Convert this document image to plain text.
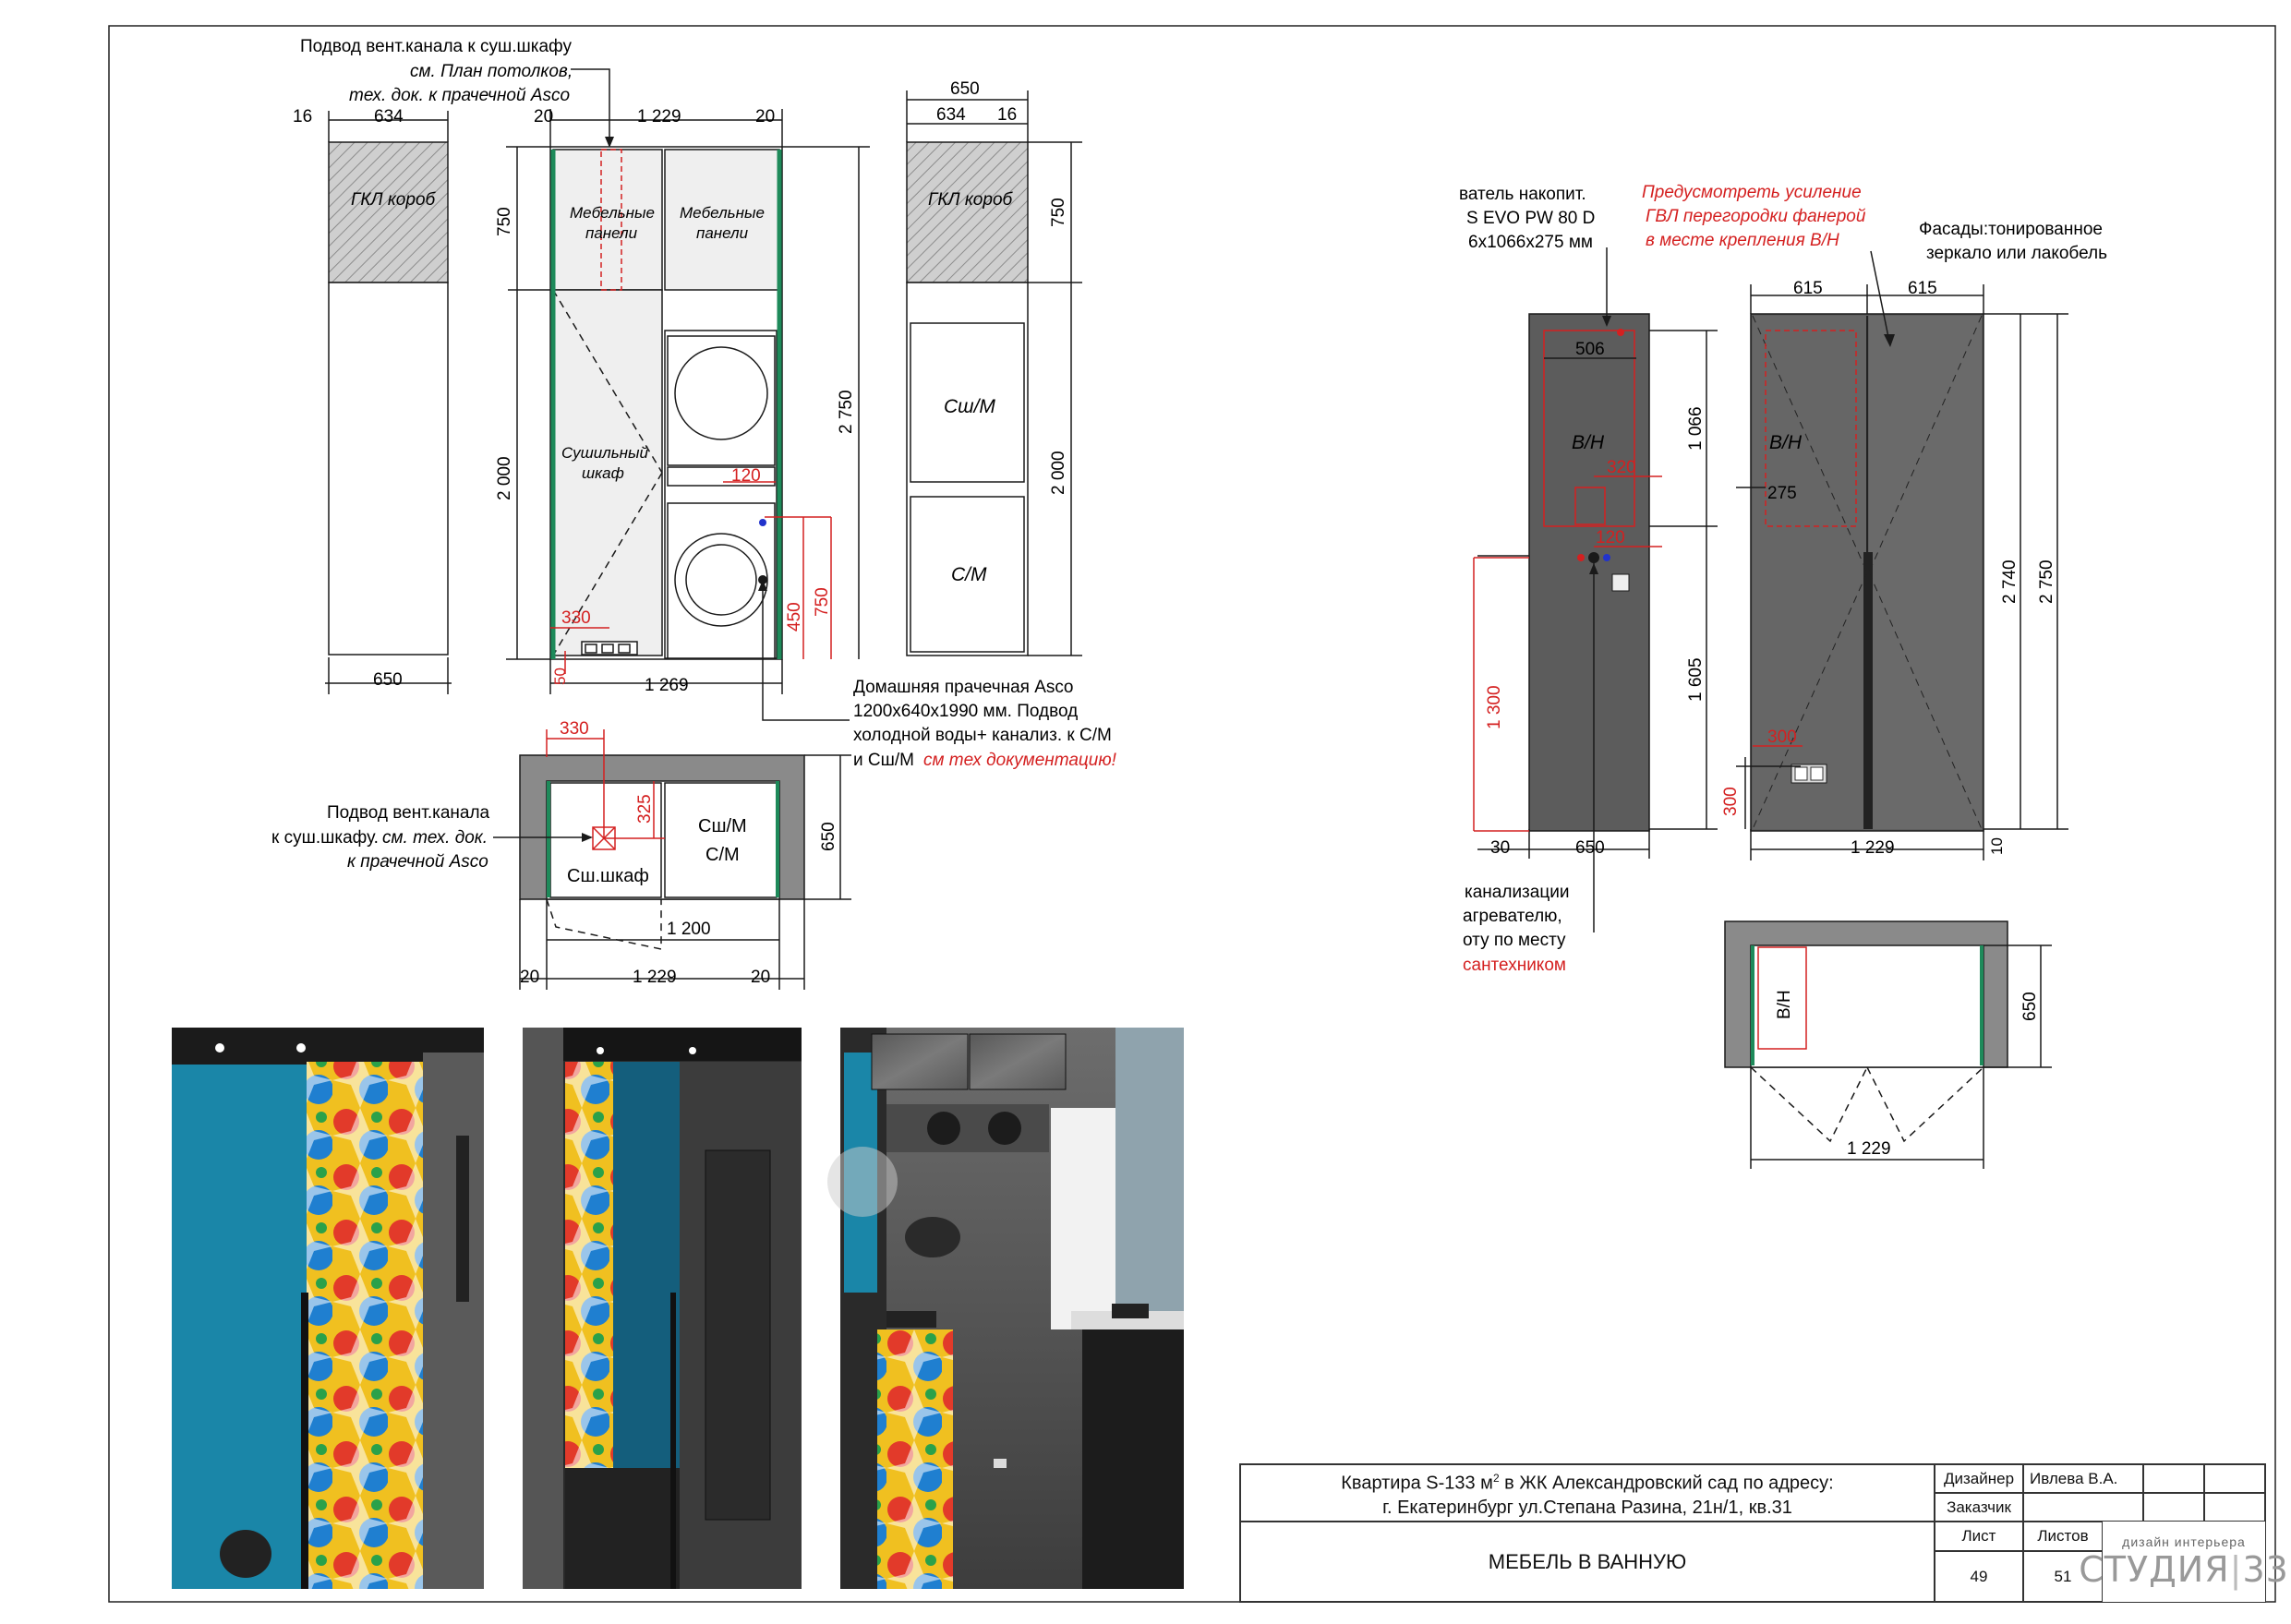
16	634
ГКЛ короб
650
Подвод вент.канала к суш.шкафу
см. План потолков,
тех. док. к прачечной Asco
20	1 229	20
Мебельные
панели
Мебельные
панели
Сушильный
шкаф
750
2 000
2 750
120
330
50
450
750
1 269
650
634 16
ГКЛ короб 750
2 000
Сш/М
С/М
Домашняя прачечная Asco
1200х640х1990 мм. Подвод
холодной воды+ канализ. к С/М
и Сш/М см тех документацию!
330
325
Сш/М
С/М
Сш.шкаф
650
1 200
20	1 229	20
Подвод вент.канала
к суш.шкафу. см. тех. док.
к прачечной Asco
ватель накопит.
S EVO PW 80 D
6x1066x275 мм
Предусмотреть усиление
ГВЛ перегородки фанерой
в месте крепления В/Н
506
В/Н
320
120
1 066
1 605
1 300
30	650
канализации
агревателю,
оту по месту
сантехником
615	615
Фасады:тонированное
зеркало или лакобель
В/Н
275
300
300
2 740 2 750
1 229	10
В/Н	650
1 229
Квартира S-133 $м^2$ в ЖК Александровский сад по адресу:
г. Екатеринбург ул.Степана Разина, 21н/1, кв.31
МЕБЕЛЬ В ВАННУЮ
Дизайнер Ивлева В.А.
Заказчик
Лист	Листов
49	51
дизайн интерьера
СТУДИЯ|33
